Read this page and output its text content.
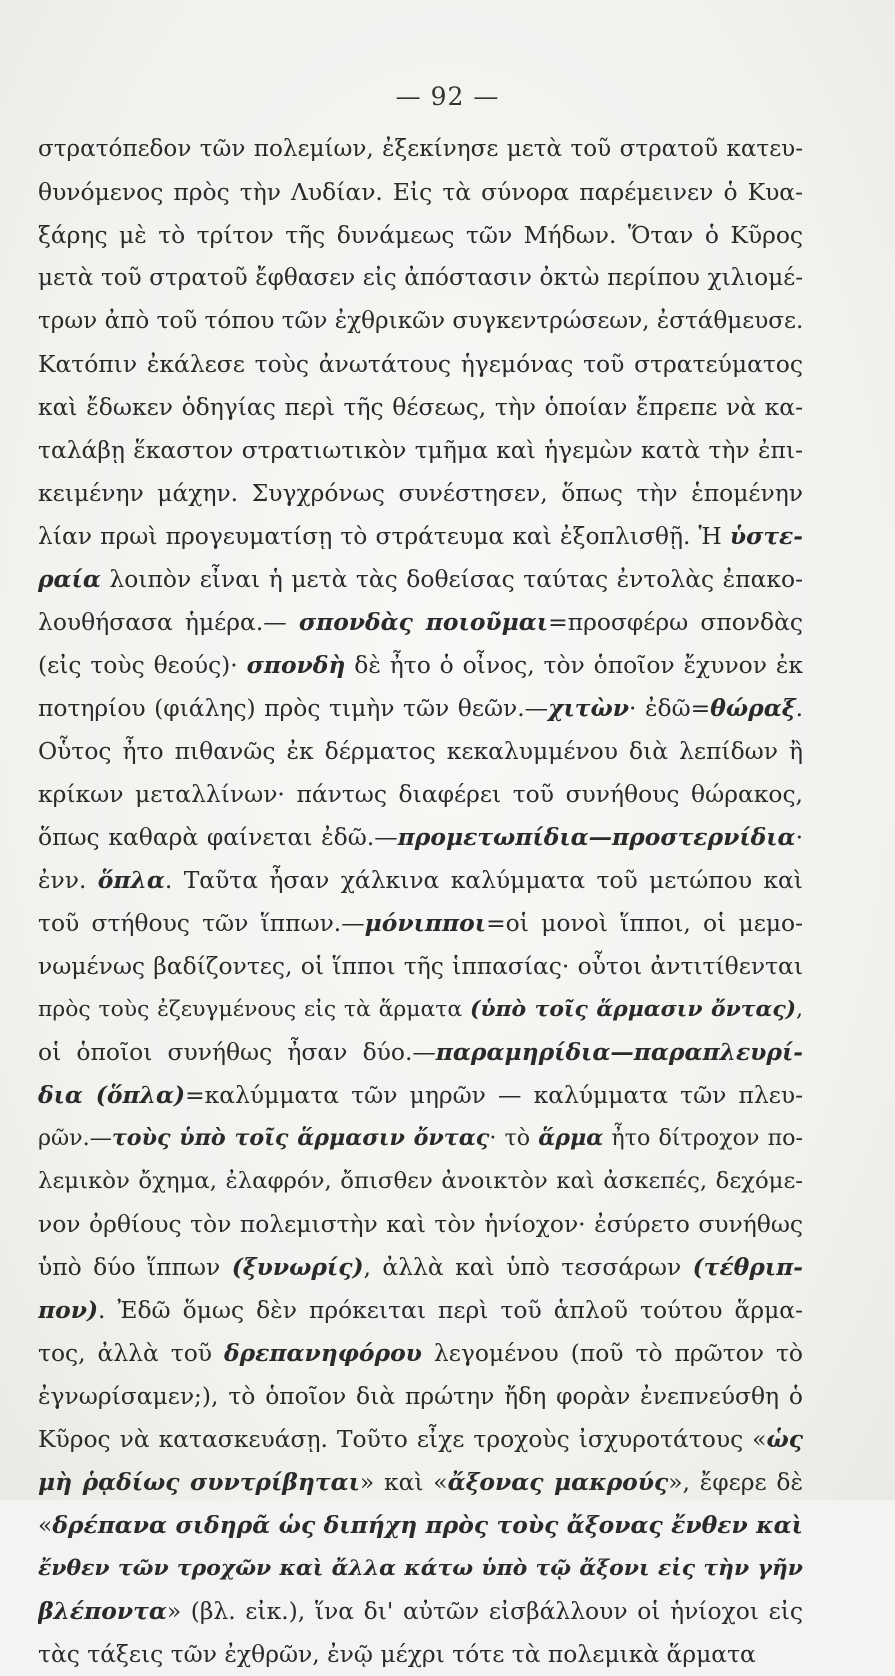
— 92 —
στρατόπεδον τῶν πολεμίων, ἐξεκίνησε μετὰ τοῦ στρατοῦ κατευ-
θυνόμενος πρὸς τὴν Λυδίαν. Εἰς τὰ σύνορα παρέμεινεν ὁ Κυα-
ξάρης μὲ τὸ τρίτον τῆς δυνάμεως τῶν Μήδων. Ὅταν ὁ Κῦρος
μετὰ τοῦ στρατοῦ ἔφθασεν εἰς ἀπόστασιν ὀκτὼ περίπου χιλιομέ-
τρων ἀπὸ τοῦ τόπου τῶν ἐχθρικῶν συγκεντρώσεων, ἐστάθμευσε.
Κατόπιν ἐκάλεσε τοὺς ἀνωτάτους ἡγεμόνας τοῦ στρατεύματος
καὶ ἔδωκεν ὁδηγίας περὶ τῆς θέσεως, τὴν ὁποίαν ἔπρεπε νὰ κα-
ταλάβῃ ἕκαστον στρατιωτικὸν τμῆμα καὶ ἡγεμὼν κατὰ τὴν ἐπι-
κειμένην μάχην. Συγχρόνως συνέστησεν, ὅπως τὴν ἑπομένην
λίαν πρωὶ προγευματίσῃ τὸ στράτευμα καὶ ἐξοπλισθῇ. Ἡ ὑστε-
ραία λοιπὸν εἶναι ἡ μετὰ τὰς δοθείσας ταύτας ἐντολὰς ἐπακο-
λουθήσασα ἡμέρα.— σπονδὰς ποιοῦμαι=προσφέρω σπονδὰς
(εἰς τοὺς θεούς)· σπονδὴ δὲ ἦτο ὁ οἶνος, τὸν ὁποῖον ἔχυνον ἐκ
ποτηρίου (φιάλης) πρὸς τιμὴν τῶν θεῶν.—χιτὼν· ἐδῶ=θώραξ.
Οὗτος ἦτο πιθανῶς ἐκ δέρματος κεκαλυμμένου διὰ λεπίδων ἢ
κρίκων μεταλλίνων· πάντως διαφέρει τοῦ συνήθους θώρακος,
ὅπως καθαρὰ φαίνεται ἐδῶ.—προμετωπίδια—προστερνίδια·
ἐνν. ὅπλα. Ταῦτα ἦσαν χάλκινα καλύμματα τοῦ μετώπου καὶ
τοῦ στήθους τῶν ἵππων.—μόνιπποι=οἱ μονοὶ ἵπποι, οἱ μεμο-
νωμένως βαδίζοντες, οἱ ἵπποι τῆς ἱππασίας· οὗτοι ἀντιτίθενται
πρὸς τοὺς ἐζευγμένους εἰς τὰ ἅρματα (ὑπὸ τοῖς ἅρμασιν ὄντας),
οἱ ὁποῖοι συνήθως ἦσαν δύο.—παραμηρίδια—παραπλευρί-
δια (ὅπλα)=καλύμματα τῶν μηρῶν — καλύμματα τῶν πλευ-
ρῶν.—τοὺς ὑπὸ τοῖς ἅρμασιν ὄντας· τὸ ἅρμα ἦτο δίτροχον πο-
λεμικὸν ὄχημα, ἐλαφρόν, ὄπισθεν ἀνοικτὸν καὶ ἀσκεπές, δεχόμε-
νον ὀρθίους τὸν πολεμιστὴν καὶ τὸν ἡνίοχον· ἐσύρετο συνήθως
ὑπὸ δύο ἵππων (ξυνωρίς), ἀλλὰ καὶ ὑπὸ τεσσάρων (τέθριπ-
πον). Ἐδῶ ὅμως δὲν πρόκειται περὶ τοῦ ἁπλοῦ τούτου ἅρμα-
τος, ἀλλὰ τοῦ δρεπανηφόρου λεγομένου (ποῦ τὸ πρῶτον τὸ
ἐγνωρίσαμεν;), τὸ ὁποῖον διὰ πρώτην ἤδη φορὰν ἐνεπνεύσθη ὁ
Κῦρος νὰ κατασκευάσῃ. Τοῦτο εἶχε τροχοὺς ἰσχυροτάτους «ὡς
μὴ ῥᾳδίως συντρίβηται» καὶ «ἄξονας μακρούς», ἔφερε δὲ
«δρέπανα σιδηρᾶ ὡς διπήχη πρὸς τοὺς ἄξονας ἔνθεν καὶ
ἔνθεν τῶν τροχῶν καὶ ἄλλα κάτω ὑπὸ τῷ ἄξονι εἰς τὴν γῆν
βλέποντα» (βλ. εἰκ.), ἵνα δι' αὐτῶν εἰσβάλλουν οἱ ἡνίοχοι εἰς
τὰς τάξεις τῶν ἐχθρῶν, ἐνῷ μέχρι τότε τὰ πολεμικὰ ἅρματα
